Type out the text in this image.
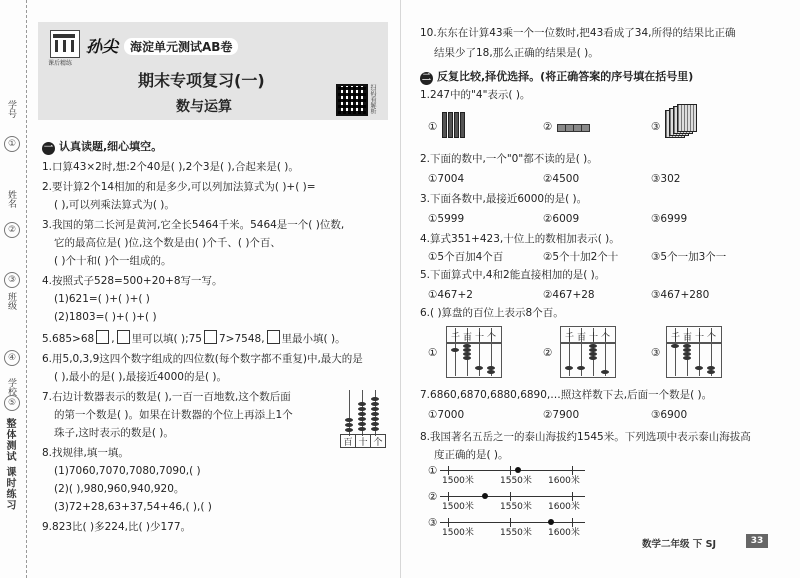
学号
①
姓名
②
③
班级
④
学校
⑤
整体测试 课时练习
课后精练
孙尖 海淀单元测试AB卷
期末专项复习(一)
数与运算	扫码看解析
一 认真读题,细心填空。
1.口算43×2时,想:2个40是( ),2个3是( ),合起来是( )。
2.要计算2个14相加的和是多少,可以列加法算式为( )+( )=
( ),可以列乘法算式为( )。
3.我国的第二长河是黄河,它全长5464千米。5464是一个( )位数,
它的最高位是( )位,这个数是由( )个千、( )个百、
( )个十和( )个一组成的。
4.按照式子528=500+20+8写一写。
(1)621=( )+( )+( )
(2)1803=( )+( )+( )
5.685>68 , 里可以填( );75 7>7548, 里最小填( )。
6.用5,0,3,9这四个数字组成的四位数(每个数字都不重复)中,最大的是
( ),最小的是( ),最接近4000的是( )。
7.右边计数器表示的数是( ),一百一百地数,这个数后面
的第一个数是( )。如果在计数器的个位上再添上1个
珠子,这时表示的数是( )。
百 十 个
8.找规律,填一填。
(1)7060,7070,7080,7090,( )
(2)( ),980,960,940,920。
(3)72+28,63+37,54+46,( ),( )
9.823比( )多224,比( )少177。
10.东东在计算43乘一个一位数时,把43看成了34,所得的结果比正确
结果少了18,那么正确的结果是( )。
二 反复比较,择优选择。(将正确答案的序号填在括号里)
1.247中的"4"表示( )。
①	②	③
2.下面的数中,一个"0"都不读的是( )。
①7004	②4500	③302
3.下面各数中,最接近6000的是( )。
①5999	②6009	③6999
4.算式351+423,十位上的数相加表示( )。
①5个百加4个百	②5个十加2个十	③5个一加3个一
5.下面算式中,4和2能直接相加的是( )。
①467+2	②467+28	③467+280
6.( )算盘的百位上表示8个百。
①
千 百 十 个
②
千 百 十 个
③
千 百 十 个
7.6860,6870,6880,6890,…照这样数下去,后面一个数是( )。
①7000	②7900	③6900
8.我国著名五岳之一的泰山海拔约1545米。下列选项中表示泰山海拔高
度正确的是( )。
①
1500米	1550米 1600米
②
1500米	1550米 1600米
③
1500米	1550米 1600米
数学二年级 下 SJ	33
